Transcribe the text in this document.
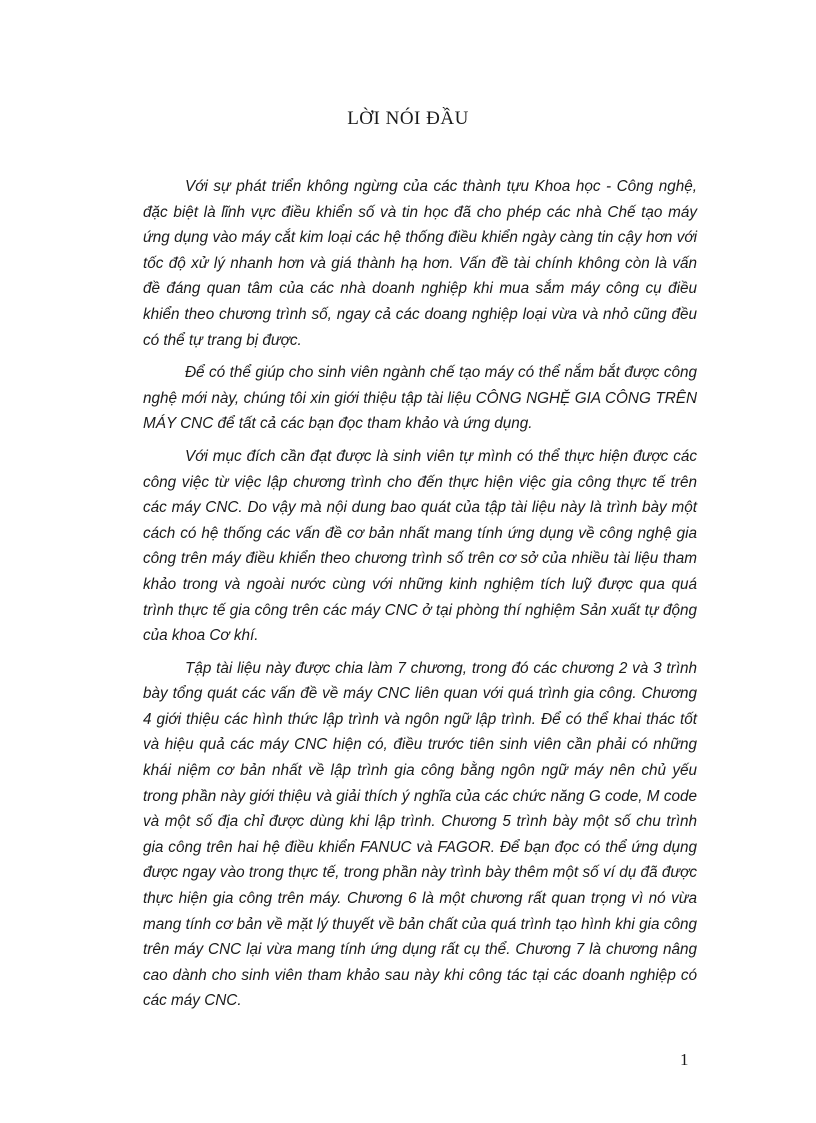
LỜI NÓI ĐẦU

Với sự phát triển không ngừng của các thành tựu Khoa học - Công nghệ, đặc biệt là lĩnh vực điều khiển số và tin học đã cho phép các nhà Chế tạo máy ứng dụng vào máy cắt kim loại các hệ thống điều khiển ngày càng tin cậy hơn với tốc độ xử lý nhanh hơn và giá thành hạ hơn. Vấn đề tài chính không còn là vấn đề đáng quan tâm của các nhà doanh nghiệp khi mua sắm máy công cụ điều khiển theo chương trình số, ngay cả các doang nghiệp loại vừa và nhỏ cũng đều có thể tự trang bị được.

Để có thể giúp cho sinh viên ngành chế tạo máy có thể nắm bắt được công nghệ mới này, chúng tôi xin giới thiệu tập tài liệu CÔNG NGHỆ GIA CÔNG TRÊN MÁY CNC để tất cả các bạn đọc tham khảo và ứng dụng.

Với mục đích cần đạt được là sinh viên tự mình có thể thực hiện được các công việc từ việc lập chương trình cho đến thực hiện việc gia công thực tế trên các máy CNC. Do vậy mà nội dung bao quát của tập tài liệu này là trình bày một cách có hệ thống các vấn đề cơ bản nhất mang tính ứng dụng về công nghệ gia công trên máy điều khiển theo chương trình số trên cơ sở của nhiều tài liệu tham khảo trong và ngoài nước cùng với những kinh nghiệm tích luỹ được qua quá trình thực tế gia công trên các máy CNC ở tại phòng thí nghiệm Sản xuất tự động của khoa Cơ khí.

Tập tài liệu này được chia làm 7 chương, trong đó các chương 2 và 3 trình bày tổng quát các vấn đề về máy CNC liên quan với quá trình gia công. Chương 4 giới thiệu các hình thức lập trình và ngôn ngữ lập trình. Để có thể khai thác tốt và hiệu quả các máy CNC hiện có, điều trước tiên sinh viên cần phải có những khái niệm cơ bản nhất về lập trình gia công bằng ngôn ngữ máy nên chủ yếu trong phần này giới thiệu và giải thích ý nghĩa của các chức năng G code, M code và một số địa chỉ được dùng khi lập trình. Chương 5 trình bày một số chu trình gia công trên hai hệ điều khiển FANUC và FAGOR. Để bạn đọc có thể ứng dụng được ngay vào trong thực tế, trong phần này trình bày thêm một số ví dụ đã được thực hiện gia công trên máy. Chương 6 là một chương rất quan trọng vì nó vừa mang tính cơ bản về mặt lý thuyết về bản chất của quá trình tạo hình khi gia công trên máy CNC lại vừa mang tính ứng dụng rất cụ thể. Chương 7 là chương nâng cao dành cho sinh viên tham khảo sau này khi công tác tại các doanh nghiệp có các máy CNC.

1
